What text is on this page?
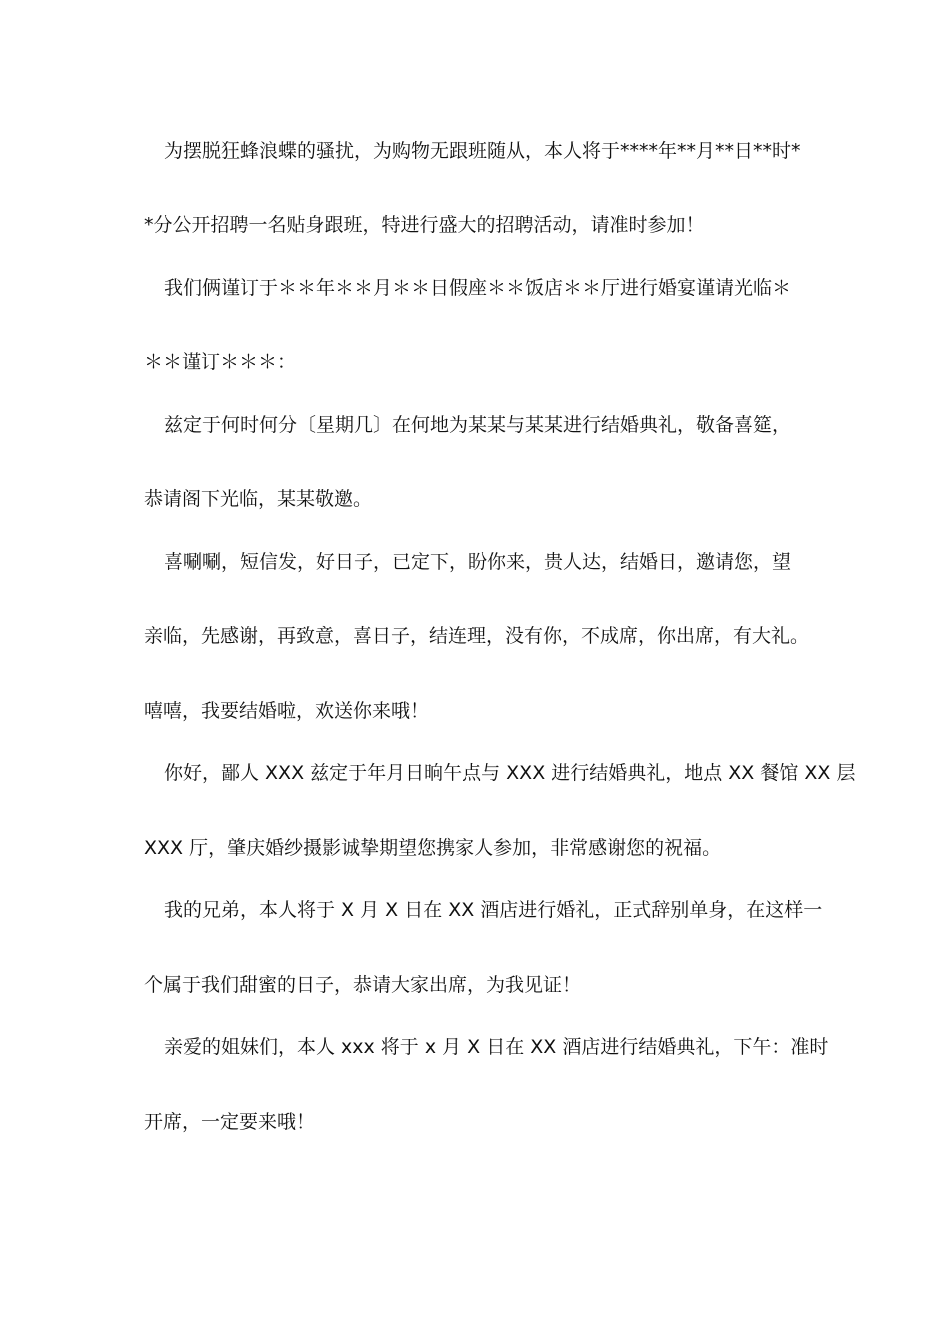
为摆脱狂蜂浪蝶的骚扰，为购物无跟班随从，本人将于****年**月**日**时*
*分公开招聘一名贴身跟班，特进行盛大的招聘活动，请准时参加！
我们俩谨订于＊＊年＊＊月＊＊日假座＊＊饭店＊＊厅进行婚宴谨请光临＊
＊＊谨订＊＊＊：
兹定于何时何分〔星期几〕在何地为某某与某某进行结婚典礼，敬备喜筵，
恭请阁下光临，某某敬邀。
喜唰唰，短信发，好日子，已定下，盼你来，贵人达，结婚日，邀请您，望
亲临，先感谢，再致意，喜日子，结连理，没有你，不成席，你出席，有大礼。
嘻嘻，我要结婚啦，欢送你来哦！
你好，鄙人 XXX 兹定于年月日晌午点与 XXX 进行结婚典礼，地点 XX 餐馆 XX 层
XXX 厅，肇庆婚纱摄影诚挚期望您携家人参加，非常感谢您的祝福。
我的兄弟，本人将于 X 月 X 日在 XX 酒店进行婚礼，正式辞别单身，在这样一
个属于我们甜蜜的日子，恭请大家出席，为我见证！
亲爱的姐妹们，本人 xxx 将于 x 月 X 日在 XX 酒店进行结婚典礼，下午：准时
开席，一定要来哦！
